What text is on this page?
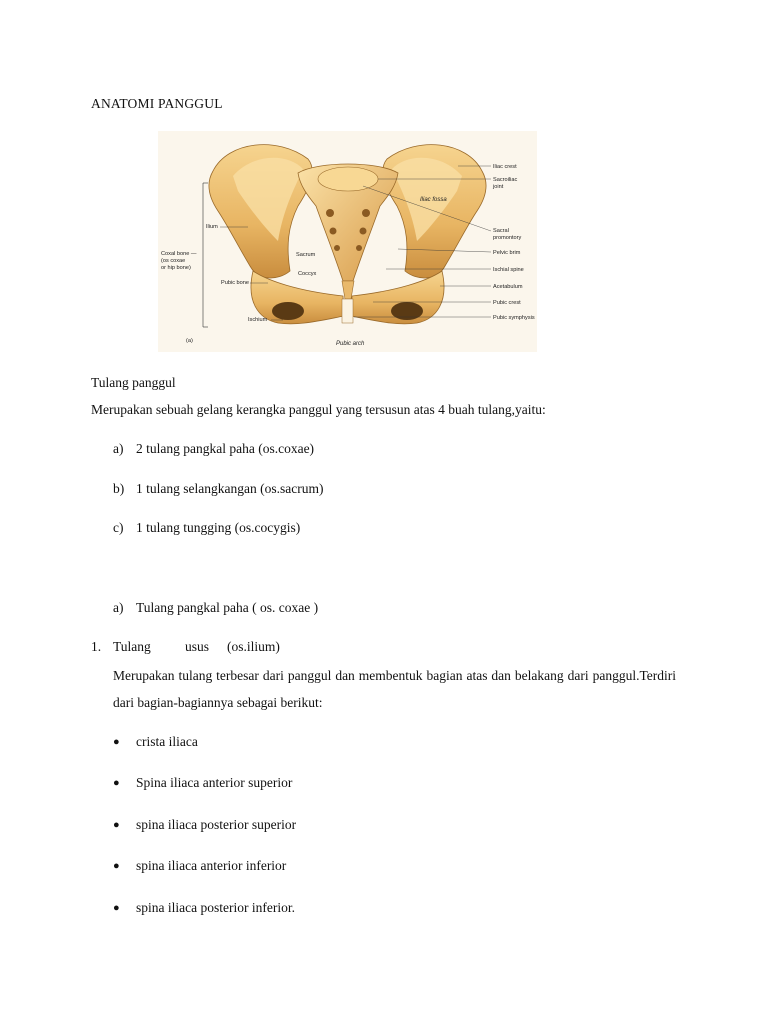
ANATOMI PANGGUL
Ilium
Coxal bone —
(os coxae
or hip bone)
Sacrum
Coccyx
Pubic bone
Ischium
(a)
Iliac crest
Sacroiliac
joint
Iliac fossa
Sacral
promontory
Pelvic brim
Ischial spine
Acetabulum
Pubic crest
Pubic symphysis
Pubic arch
Tulang panggul
Merupakan sebuah gelang kerangka panggul yang tersusun atas 4 buah tulang,yaitu:
a) 2 tulang pangkal paha (os.coxae)
b) 1 tulang selangkangan (os.sacrum)
c) 1 tulang tungging (os.cocygis)
a) Tulang pangkal paha ( os. coxae )
1. Tulang	usus (os.ilium)
Merupakan tulang terbesar dari panggul dan membentuk bagian atas dan belakang dari panggul.Terdiri dari bagian-bagiannya sebagai berikut:
● crista iliaca
● Spina iliaca anterior superior
● spina iliaca posterior superior
● spina iliaca anterior inferior
● spina iliaca posterior inferior.
